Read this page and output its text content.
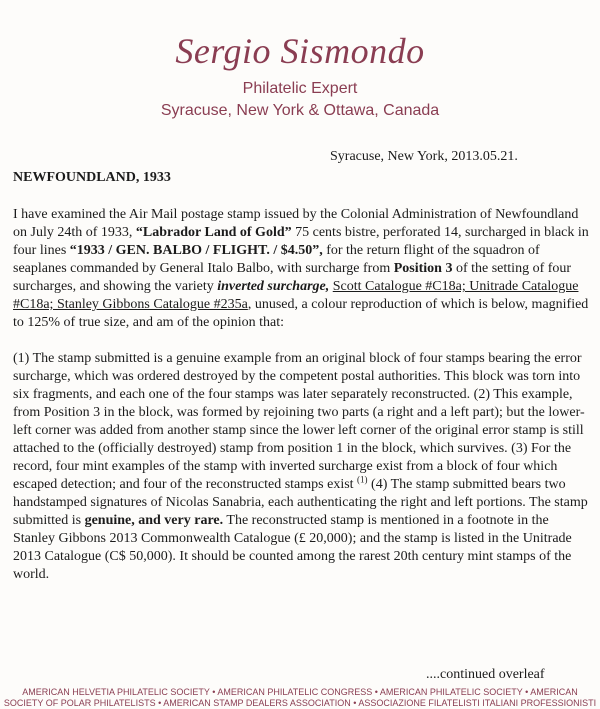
Sergio Sismondo
Philatelic Expert
Syracuse, New York & Ottawa, Canada
Syracuse, New York, 2013.05.21.
NEWFOUNDLAND, 1933

I have examined the Air Mail postage stamp issued by the Colonial Administration of Newfoundland on July 24th of 1933, “Labrador Land of Gold” 75 cents bistre, perforated 14, surcharged in black in four lines “1933 / GEN. BALBO / FLIGHT. / $4.50”, for the return flight of the squadron of seaplanes commanded by General Italo Balbo, with surcharge from Position 3 of the setting of four surcharges, and showing the variety inverted surcharge, Scott Catalogue #C18a; Unitrade Catalogue #C18a; Stanley Gibbons Catalogue #235a, unused, a colour reproduction of which is below, magnified to 125% of true size, and am of the opinion that:

(1) The stamp submitted is a genuine example from an original block of four stamps bearing the error surcharge, which was ordered destroyed by the competent postal authorities. This block was torn into six fragments, and each one of the four stamps was later separately reconstructed. (2) This example, from Position 3 in the block, was formed by rejoining two parts (a right and a left part); but the lower-left corner was added from another stamp since the lower left corner of the original error stamp is still attached to the (officially destroyed) stamp from position 1 in the block, which survives. (3) For the record, four mint examples of the stamp with inverted surcharge exist from a block of four which escaped detection; and four of the reconstructed stamps exist $^{(1)}$ (4) The stamp submitted bears two handstamped signatures of Nicolas Sanabria, each authenticating the right and left portions. The stamp submitted is genuine, and very rare. The reconstructed stamp is mentioned in a footnote in the Stanley Gibbons 2013 Commonwealth Catalogue (£ 20,000); and the stamp is listed in the Unitrade 2013 Catalogue (C$ 50,000). It should be counted among the rarest 20th century mint stamps of the world.

....continued overleaf
AMERICAN HELVETIA PHILATELIC SOCIETY • AMERICAN PHILATELIC CONGRESS • AMERICAN PHILATELIC SOCIETY • AMERICAN
SOCIETY OF POLAR PHILATELISTS • AMERICAN STAMP DEALERS ASSOCIATION • ASSOCIAZIONE FILATELISTI ITALIANI PROFESSIONISTI
